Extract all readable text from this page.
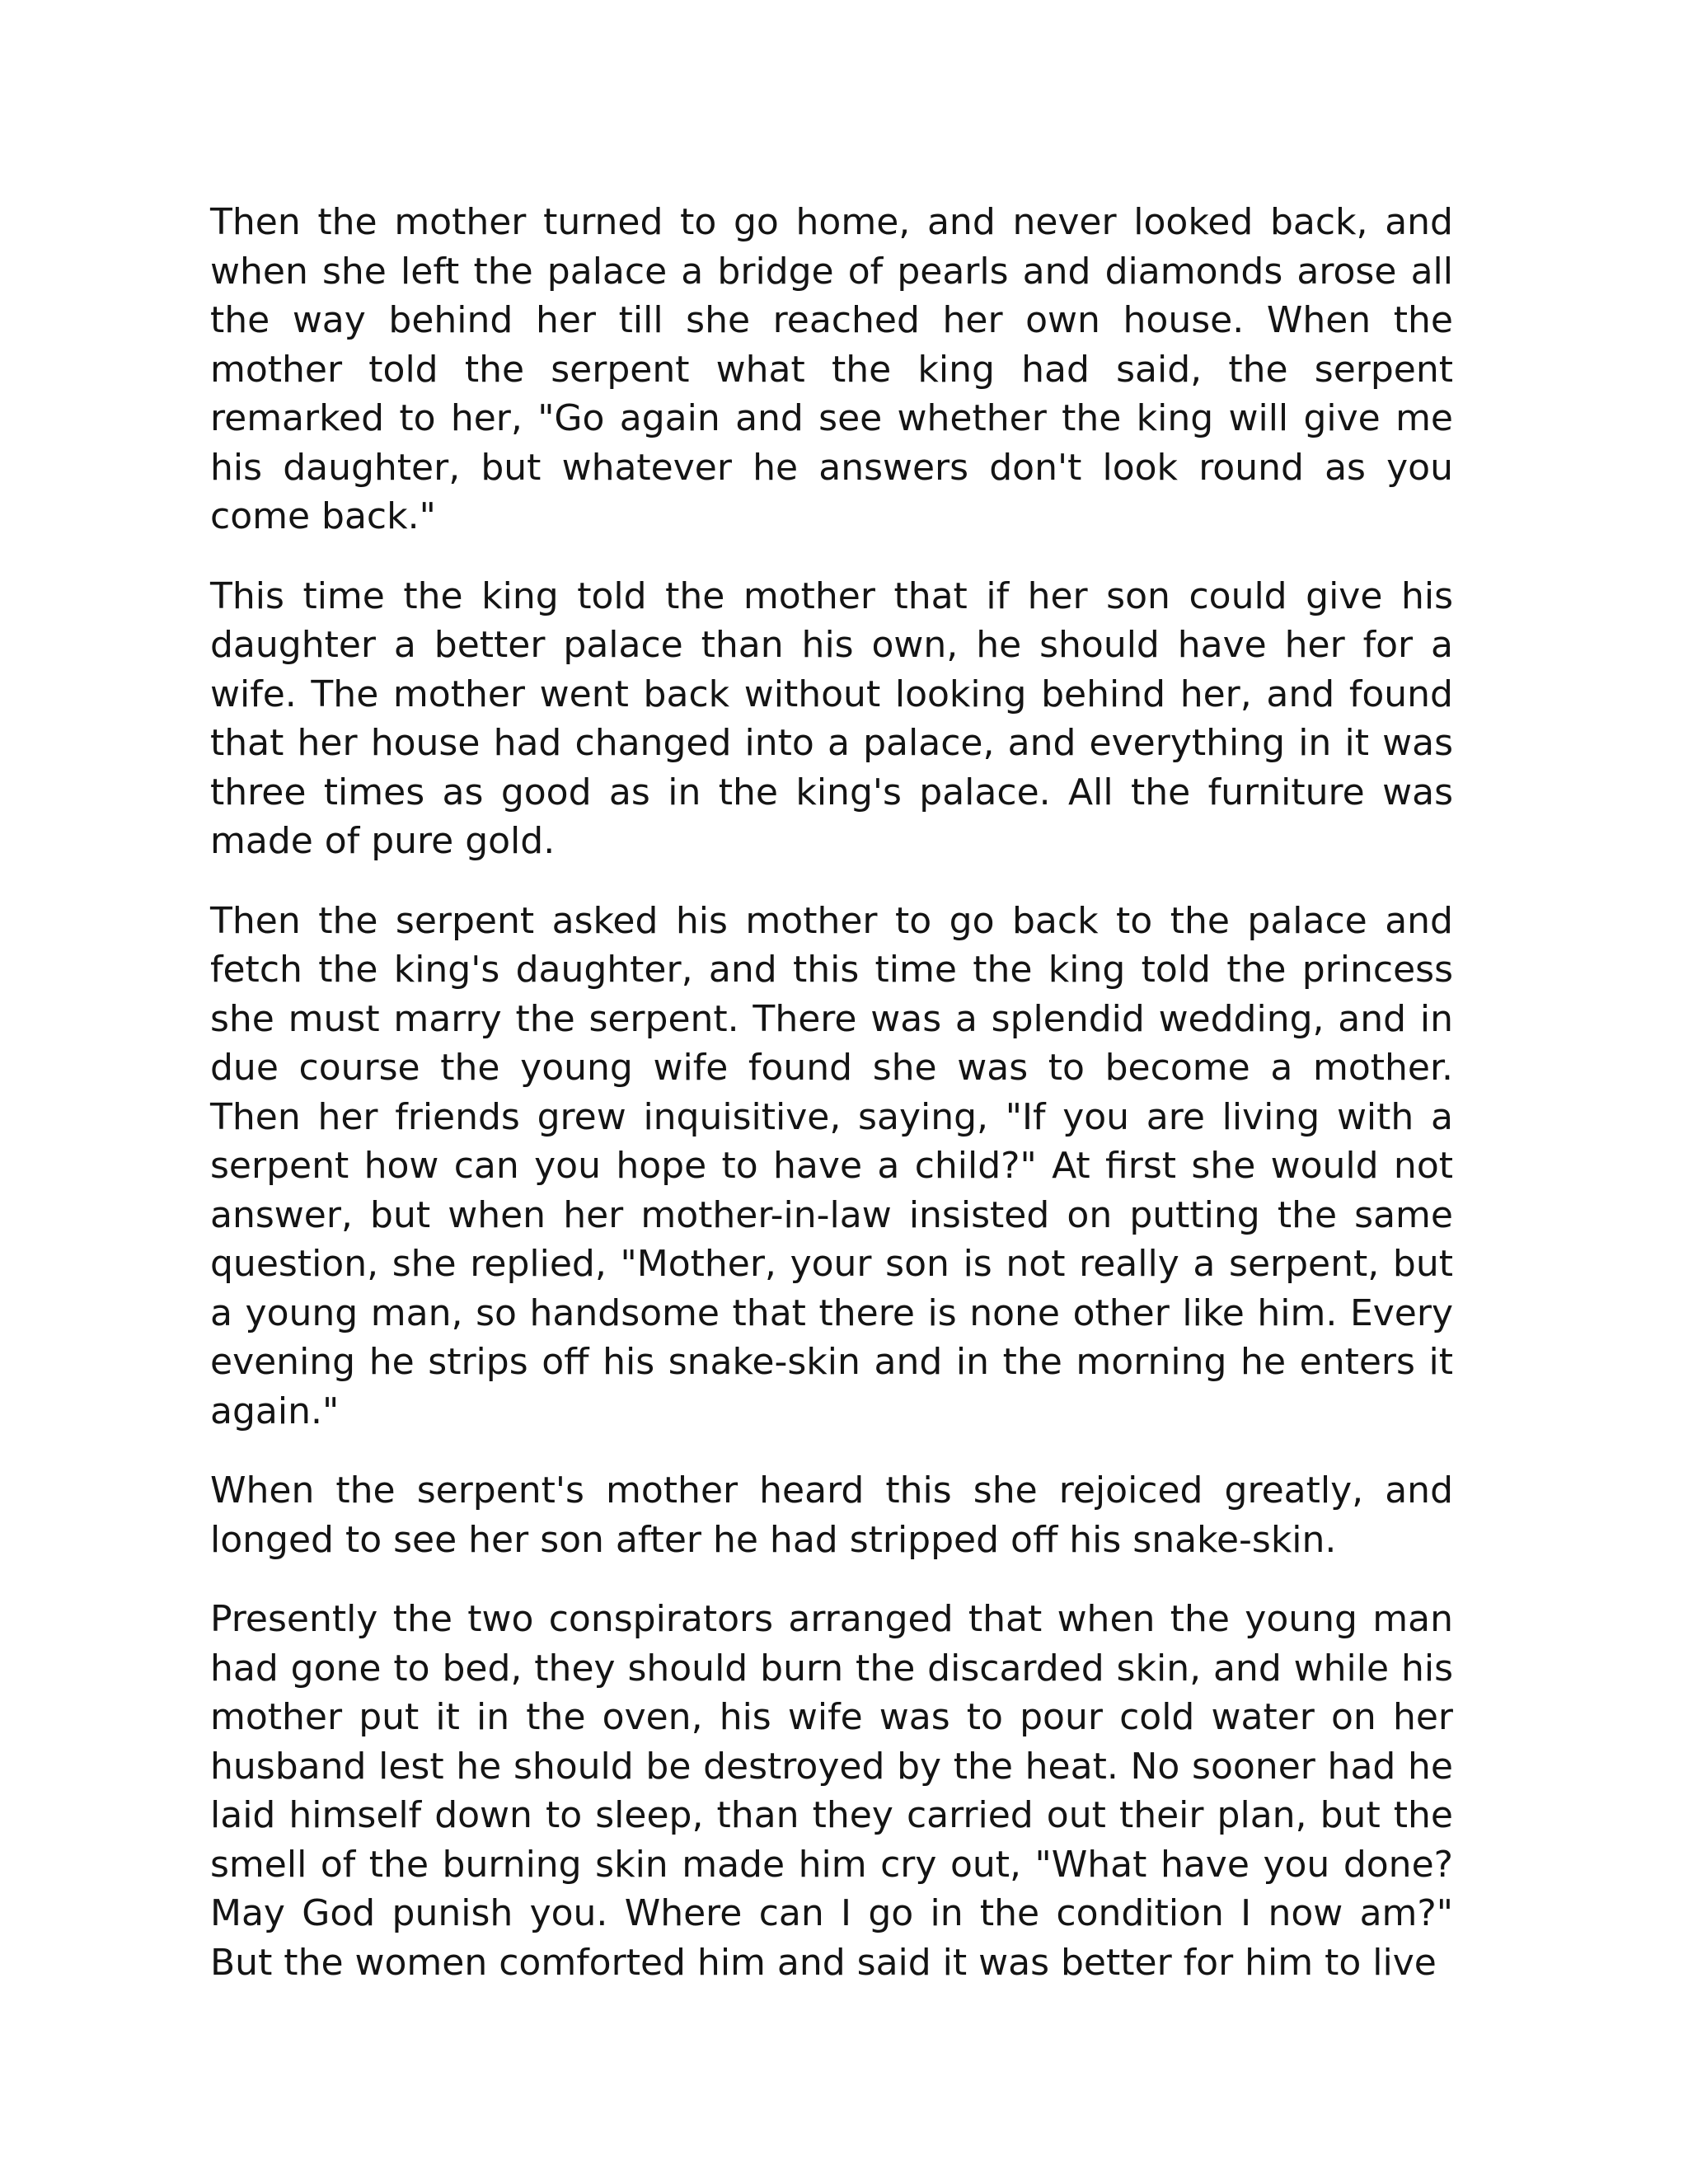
Then the mother turned to go home, and never looked back, and when she left the palace a bridge of pearls and diamonds arose all the way behind her till she reached her own house. When the mother told the serpent what the king had said, the serpent remarked to her, "Go again and see whether the king will give me his daughter, but whatever he answers don't look round as you come back."

This time the king told the mother that if her son could give his daughter a better palace than his own, he should have her for a wife. The mother went back without looking behind her, and found that her house had changed into a palace, and everything in it was three times as good as in the king's palace. All the furniture was made of pure gold.

Then the serpent asked his mother to go back to the palace and fetch the king's daughter, and this time the king told the princess she must marry the serpent. There was a splendid wedding, and in due course the young wife found she was to become a mother. Then her friends grew inquisitive, saying, "If you are living with a serpent how can you hope to have a child?" At first she would not answer, but when her mother-in-law insisted on putting the same question, she replied, "Mother, your son is not really a serpent, but a young man, so handsome that there is none other like him. Every evening he strips off his snake-skin and in the morning he enters it again."

When the serpent's mother heard this she rejoiced greatly, and longed to see her son after he had stripped off his snake-skin.

Presently the two conspirators arranged that when the young man had gone to bed, they should burn the discarded skin, and while his mother put it in the oven, his wife was to pour cold water on her husband lest he should be destroyed by the heat. No sooner had he laid himself down to sleep, than they carried out their plan, but the smell of the burning skin made him cry out, "What have you done? May God punish you. Where can I go in the condition I now am?" But the women comforted him and said it was better for him to live
